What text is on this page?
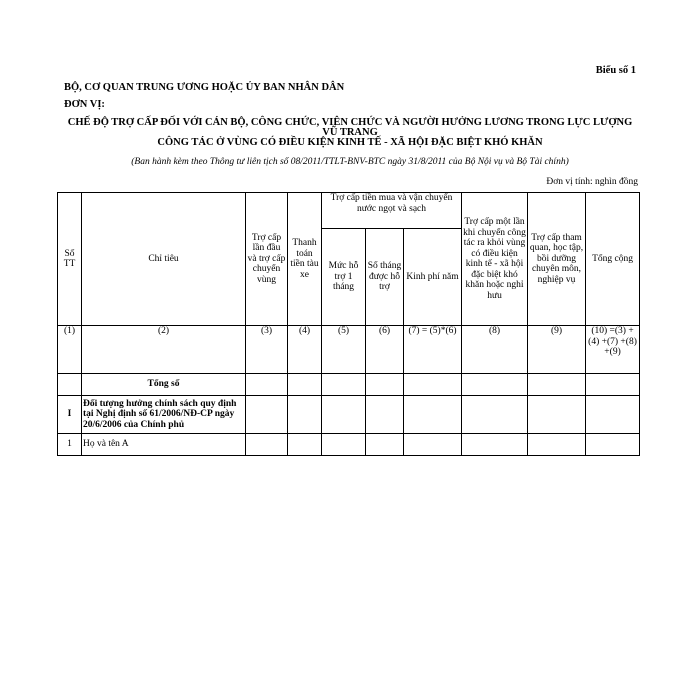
Biểu số 1
BỘ, CƠ QUAN TRUNG ƯƠNG HOẶC ỦY BAN NHÂN DÂN
ĐƠN VỊ:
CHẾ ĐỘ TRỢ CẤP ĐỐI VỚI CÁN BỘ, CÔNG CHỨC, VIÊN CHỨC VÀ NGƯỜI HƯỞNG LƯƠNG TRONG LỰC LƯỢNG VŨ TRANG
CÔNG TÁC Ở VÙNG CÓ ĐIỀU KIỆN KINH TẾ - XÃ HỘI ĐẶC BIỆT KHÓ KHĂN
(Ban hành kèm theo Thông tư liên tịch số 08/2011/TTLT-BNV-BTC ngày 31/8/2011 của Bộ Nội vụ và Bộ Tài chính)
Đơn vị tính: nghìn đồng
Số TT	Chỉ tiêu	Trợ cấp lần đầu và trợ cấp chuyển vùng	Thanh toán tiền tàu xe	Trợ cấp tiền mua và vận chuyển nước ngọt và sạch			Trợ cấp một lần khi chuyển công tác ra khỏi vùng có điều kiện kinh tế - xã hội đặc biệt khó khăn hoặc nghỉ hưu	Trợ cấp tham quan, học tập, bồi dưỡng chuyên môn, nghiệp vụ	Tổng cộng
				Mức hỗ trợ 1 tháng	Số tháng được hỗ trợ	Kinh phí năm			
(1)	(2)	(3)	(4)	(5)	(6)	(7) = (5)*(6)	(8)	(9)	(10) =(3) +(4) +(7) +(8) +(9)
	Tổng số								
I	Đối tượng hưởng chính sách quy định tại Nghị định số 61/2006/NĐ-CP ngày 20/6/2006 của Chính phủ								
1	Họ và tên A								
